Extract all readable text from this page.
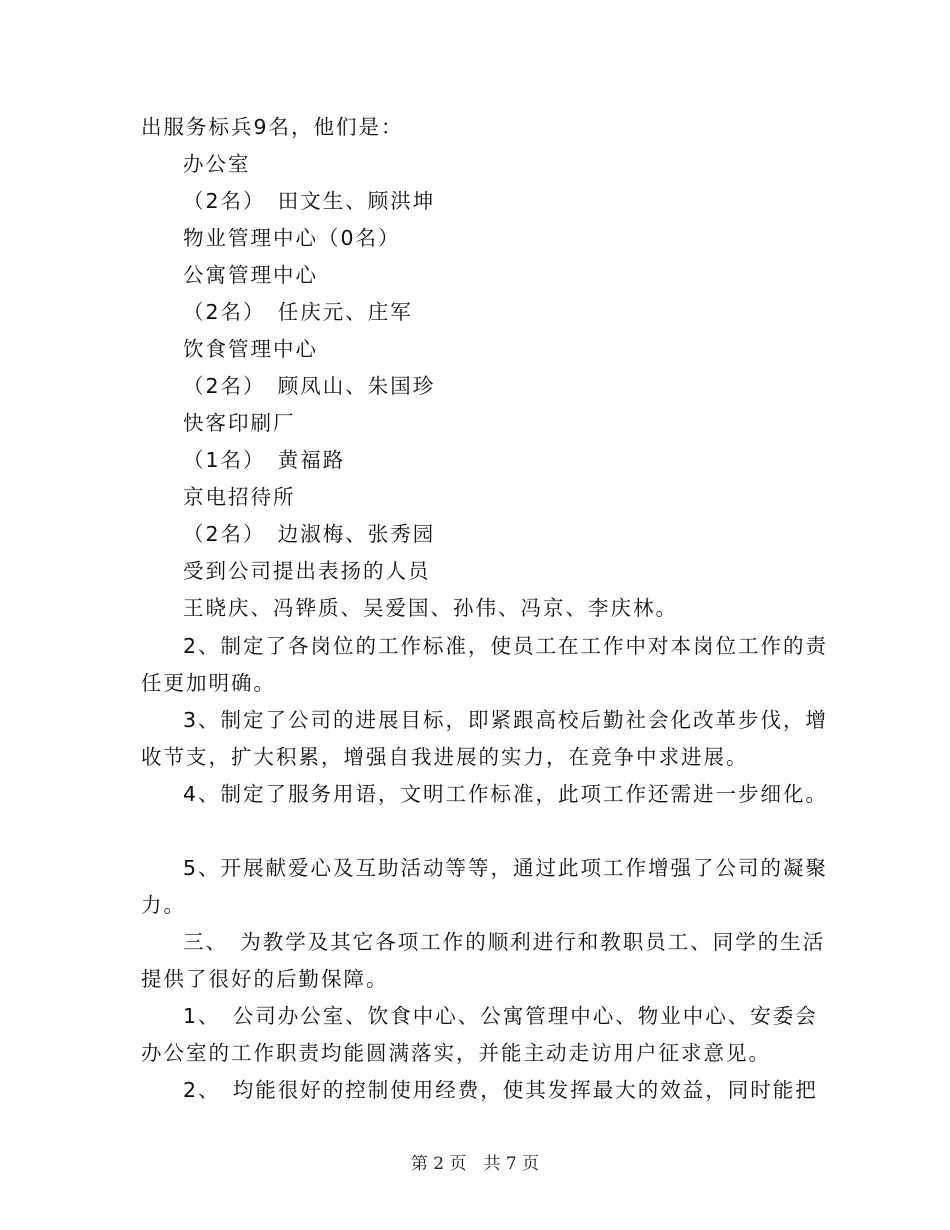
出服务标兵9名，他们是：
办公室
（2名）　田文生、顾洪坤
物业管理中心（0名）
公寓管理中心
（2名）　任庆元、庄军
饮食管理中心
（2名）　顾凤山、朱国珍
快客印刷厂
（1名）　黄福路
京电招待所
（2名）　边淑梅、张秀园
受到公司提出表扬的人员
王晓庆、冯铧质、吴爱国、孙伟、冯京、李庆林。
2、制定了各岗位的工作标准，使员工在工作中对本岗位工作的责
任更加明确。
3、制定了公司的进展目标，即紧跟高校后勤社会化改革步伐，增
收节支，扩大积累，增强自我进展的实力，在竞争中求进展。
4、制定了服务用语，文明工作标准，此项工作还需进一步细化。
5、开展献爱心及互助活动等等，通过此项工作增强了公司的凝聚
力。
三、　为教学及其它各项工作的顺利进行和教职员工、同学的生活
提供了很好的后勤保障。
1、　公司办公室、饮食中心、公寓管理中心、物业中心、安委会
办公室的工作职责均能圆满落实，并能主动走访用户征求意见。
2、　均能很好的控制使用经费，使其发挥最大的效益，同时能把
第 2 页　共 7 页
